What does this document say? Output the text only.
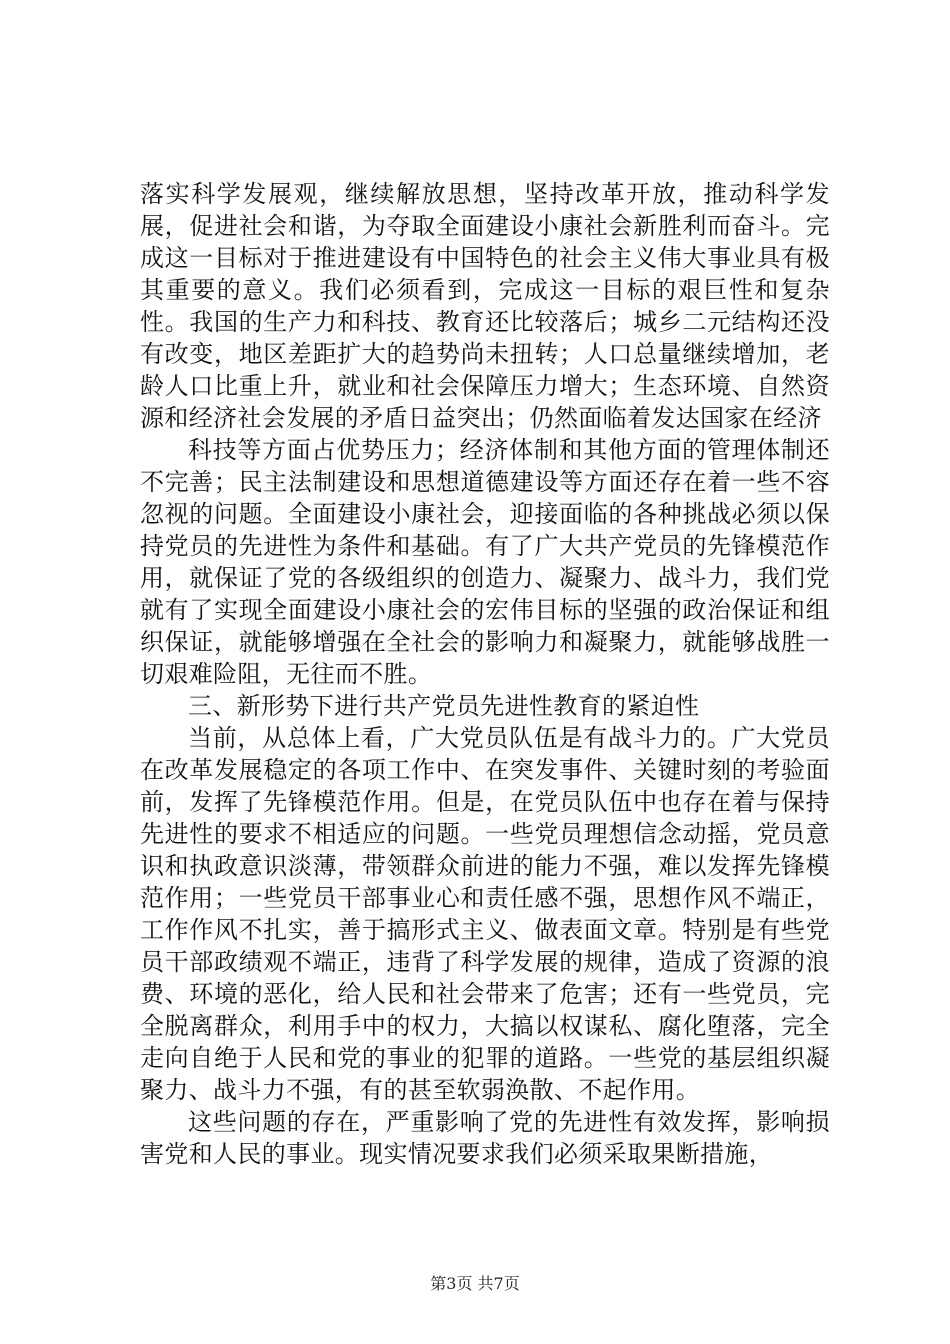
落实科学发展观，继续解放思想，坚持改革开放，推动科学发展，促进社会和谐，为夺取全面建设小康社会新胜利而奋斗。完成这一目标对于推进建设有中国特色的社会主义伟大事业具有极其重要的意义。我们必须看到，完成这一目标的艰巨性和复杂性。我国的生产力和科技、教育还比较落后；城乡二元结构还没有改变，地区差距扩大的趋势尚未扭转；人口总量继续增加，老龄人口比重上升，就业和社会保障压力增大；生态环境、自然资源和经济社会发展的矛盾日益突出；仍然面临着发达国家在经济

科技等方面占优势压力；经济体制和其他方面的管理体制还不完善；民主法制建设和思想道德建设等方面还存在着一些不容忽视的问题。全面建设小康社会，迎接面临的各种挑战必须以保持党员的先进性为条件和基础。有了广大共产党员的先锋模范作用，就保证了党的各级组织的创造力、凝聚力、战斗力，我们党就有了实现全面建设小康社会的宏伟目标的坚强的政治保证和组织保证，就能够增强在全社会的影响力和凝聚力，就能够战胜一切艰难险阻，无往而不胜。

三、新形势下进行共产党员先进性教育的紧迫性

当前，从总体上看，广大党员队伍是有战斗力的。广大党员在改革发展稳定的各项工作中、在突发事件、关键时刻的考验面前，发挥了先锋模范作用。但是，在党员队伍中也存在着与保持先进性的要求不相适应的问题。一些党员理想信念动摇，党员意识和执政意识淡薄，带领群众前进的能力不强，难以发挥先锋模范作用；一些党员干部事业心和责任感不强，思想作风不端正，工作作风不扎实，善于搞形式主义、做表面文章。特别是有些党员干部政绩观不端正，违背了科学发展的规律，造成了资源的浪费、环境的恶化，给人民和社会带来了危害；还有一些党员，完全脱离群众，利用手中的权力，大搞以权谋私、腐化堕落，完全走向自绝于人民和党的事业的犯罪的道路。一些党的基层组织凝聚力、战斗力不强，有的甚至软弱涣散、不起作用。

这些问题的存在，严重影响了党的先进性有效发挥，影响损害党和人民的事业。现实情况要求我们必须采取果断措施，

第3页 共7页
